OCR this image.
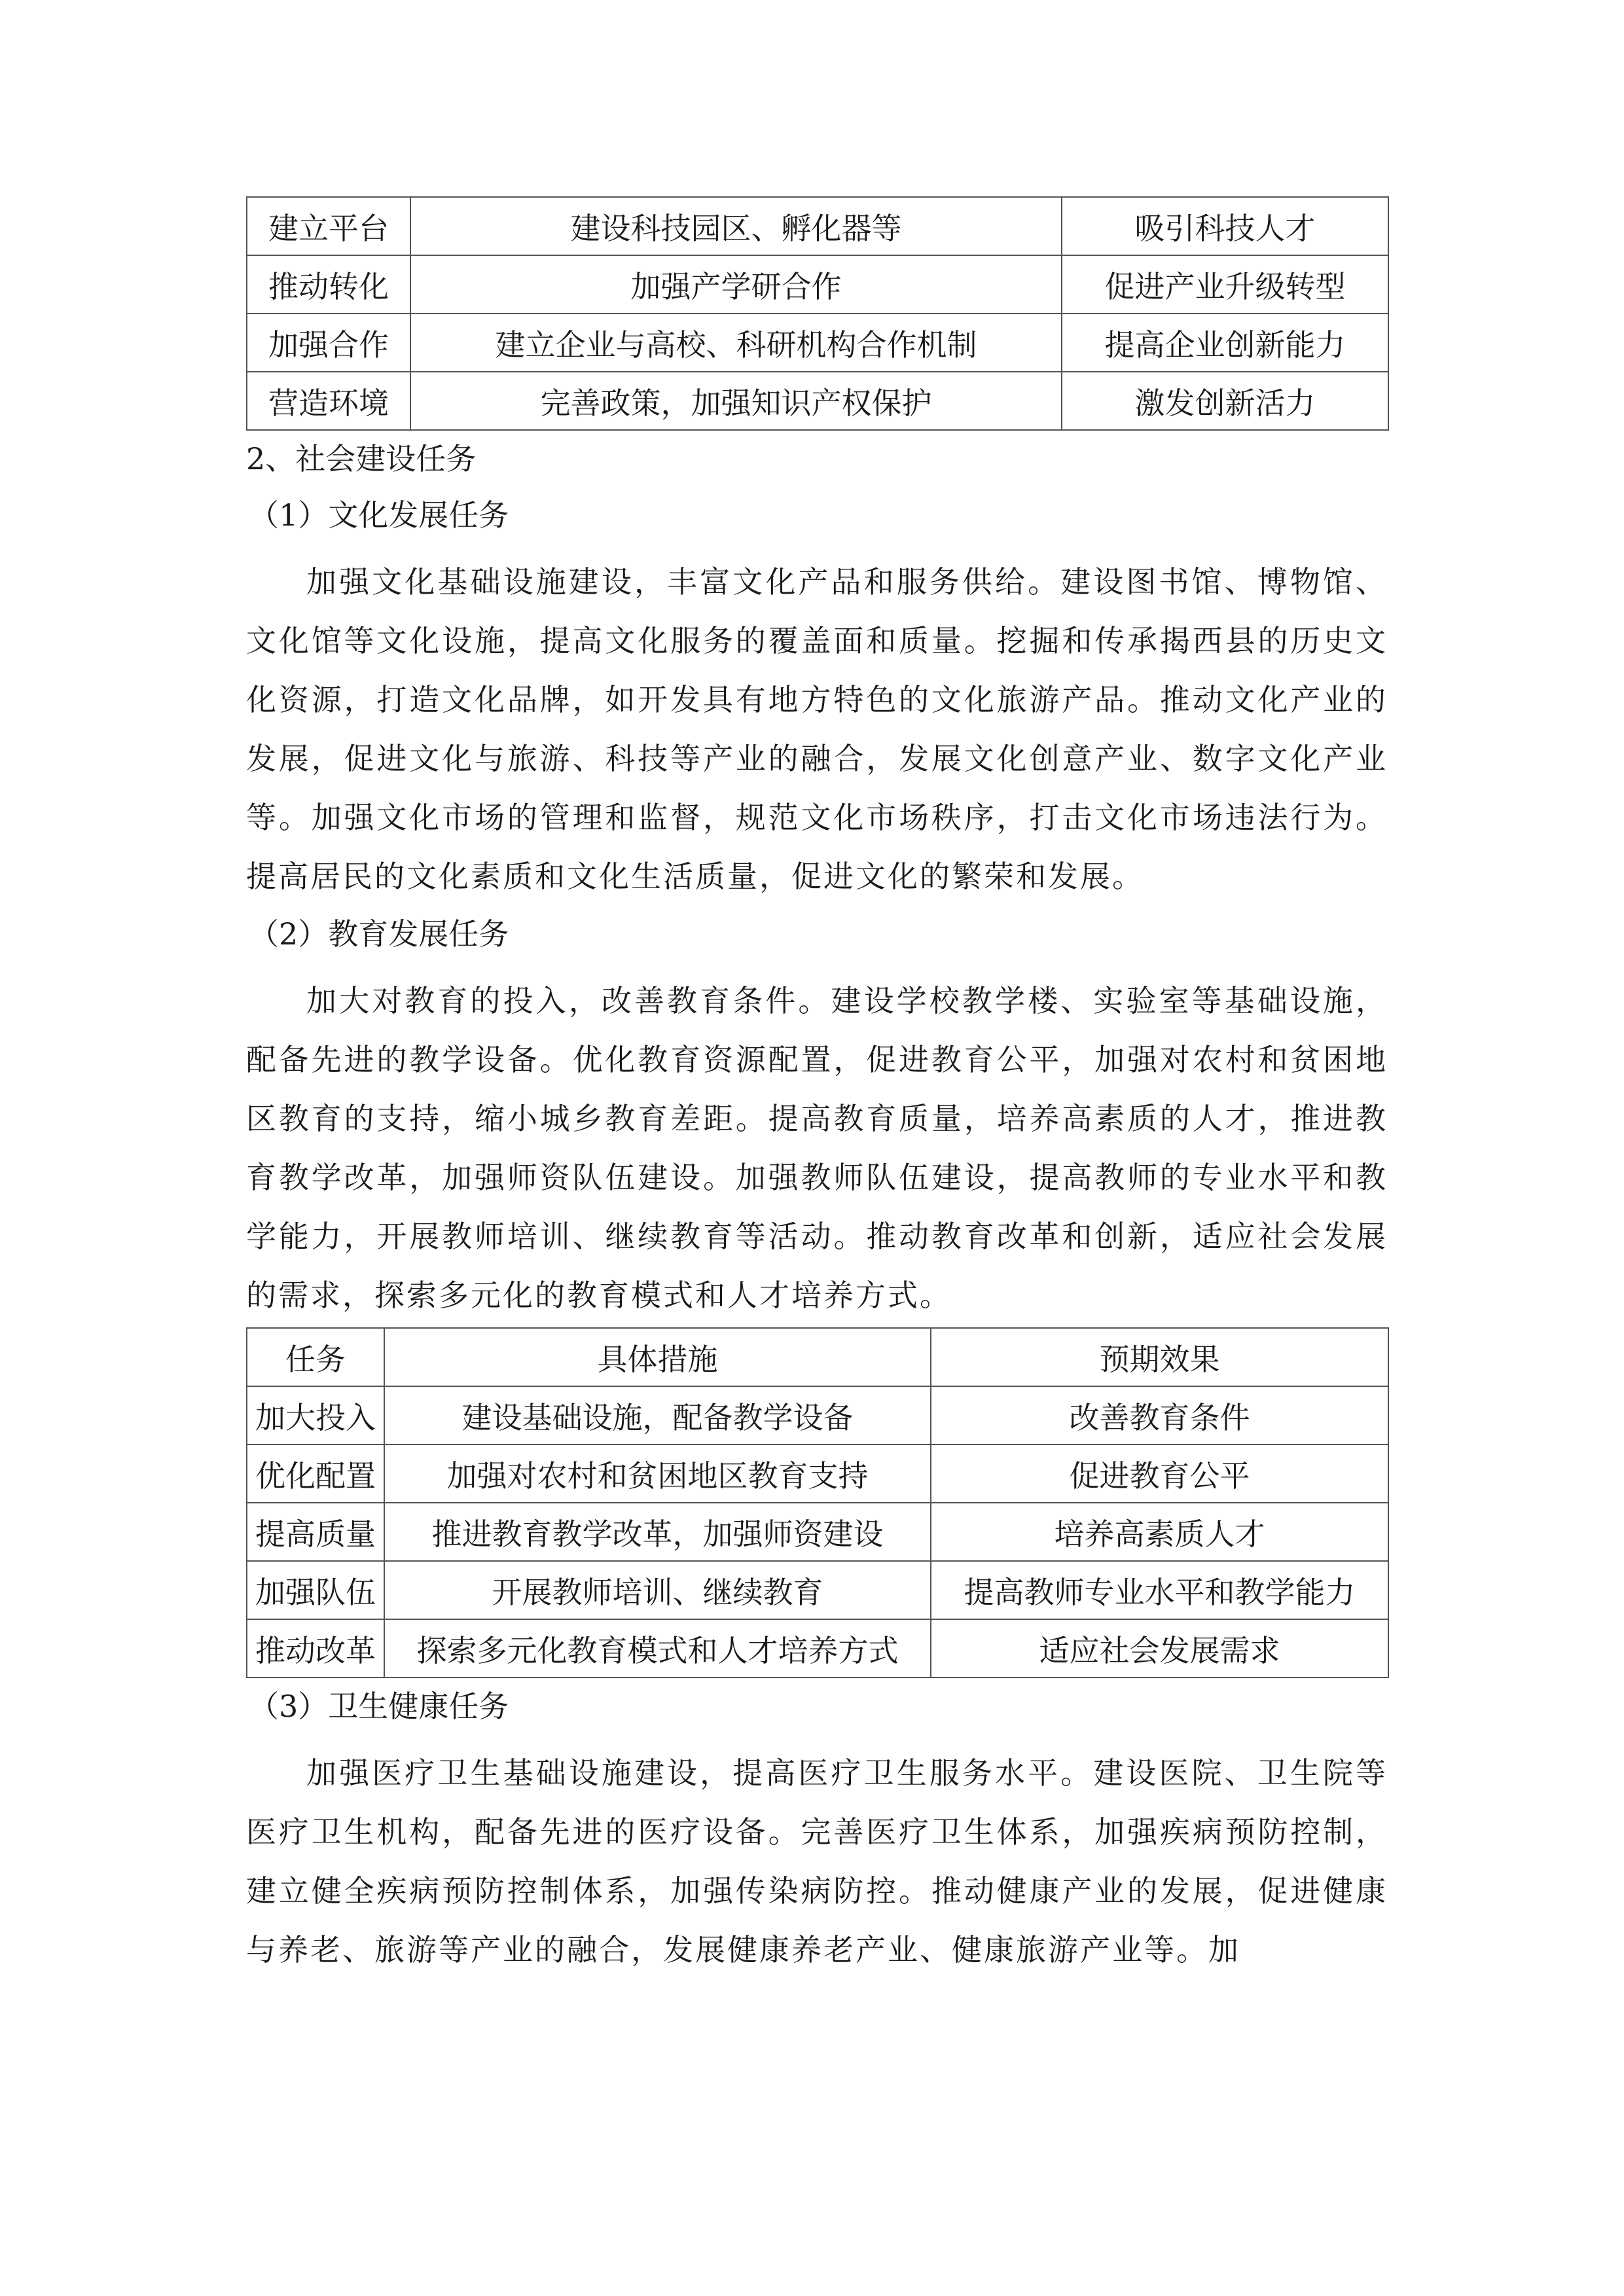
建立平台	建设科技园区、孵化器等	吸引科技人才
推动转化	加强产学研合作	促进产业升级转型
加强合作	建立企业与高校、科研机构合作机制	提高企业创新能力
营造环境	完善政策，加强知识产权保护	激发创新活力
2、社会建设任务
（1）文化发展任务

加强文化基础设施建设，丰富文化产品和服务供给。建设图书馆、博物馆、文化馆等文化设施，提高文化服务的覆盖面和质量。挖掘和传承揭西县的历史文化资源，打造文化品牌，如开发具有地方特色的文化旅游产品。推动文化产业的发展，促进文化与旅游、科技等产业的融合，发展文化创意产业、数字文化产业等。加强文化市场的管理和监督，规范文化市场秩序，打击文化市场违法行为。提高居民的文化素质和文化生活质量，促进文化的繁荣和发展。

（2）教育发展任务

加大对教育的投入，改善教育条件。建设学校教学楼、实验室等基础设施，配备先进的教学设备。优化教育资源配置，促进教育公平，加强对农村和贫困地区教育的支持，缩小城乡教育差距。提高教育质量，培养高素质的人才，推进教育教学改革，加强师资队伍建设。加强教师队伍建设，提高教师的专业水平和教学能力，开展教师培训、继续教育等活动。推动教育改革和创新，适应社会发展的需求，探索多元化的教育模式和人才培养方式。

任务	具体措施	预期效果
加大投入	建设基础设施，配备教学设备	改善教育条件
优化配置	加强对农村和贫困地区教育支持	促进教育公平
提高质量	推进教育教学改革，加强师资建设	培养高素质人才
加强队伍	开展教师培训、继续教育	提高教师专业水平和教学能力
推动改革	探索多元化教育模式和人才培养方式	适应社会发展需求
（3）卫生健康任务

加强医疗卫生基础设施建设，提高医疗卫生服务水平。建设医院、卫生院等医疗卫生机构，配备先进的医疗设备。完善医疗卫生体系，加强疾病预防控制，建立健全疾病预防控制体系，加强传染病防控。推动健康产业的发展，促进健康与养老、旅游等产业的融合，发展健康养老产业、健康旅游产业等。加
